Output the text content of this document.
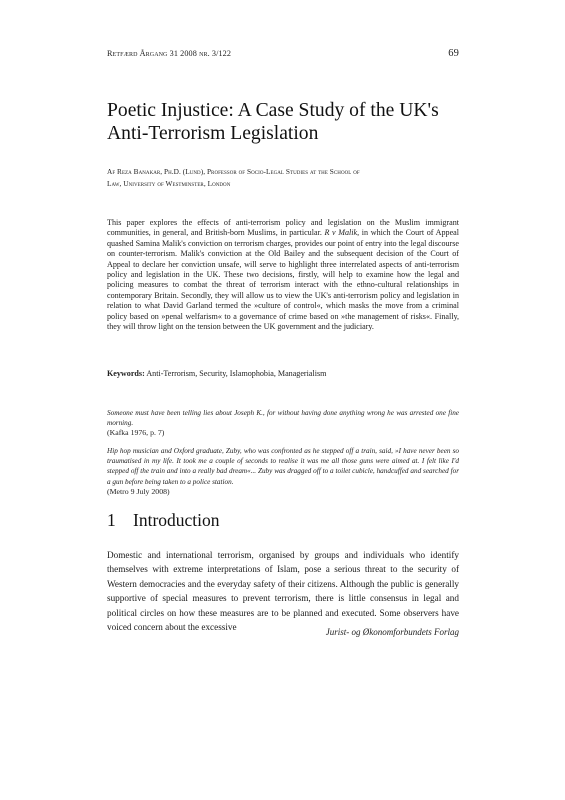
Retfærd Årgang 31 2008 nr. 3/122	69
Poetic Injustice: A Case Study of the UK's
Anti-Terrorism Legislation
Af Reza Banakar, Ph.D. (Lund), Professor of Socio-Legal Studies at the School of
Law, University of Westminster, London

This paper explores the effects of anti-terrorism policy and legislation on the Muslim immigrant communities, in general, and British-born Muslims, in particular. R v Malik, in which the Court of Appeal quashed Samina Malik's conviction on terrorism charges, provides our point of entry into the legal discourse on counter-terrorism. Malik's conviction at the Old Bailey and the subsequent decision of the Court of Appeal to declare her conviction unsafe, will serve to highlight three interrelated aspects of anti-terrorism policy and legislation in the UK. These two decisions, firstly, will help to examine how the legal and policing measures to combat the threat of terrorism interact with the ethno-cultural relationships in contemporary Britain. Secondly, they will allow us to view the UK's anti-terrorism policy and legislation in relation to what David Garland termed the »culture of control«, which masks the move from a criminal policy based on »penal welfarism« to a governance of crime based on »the management of risks«. Finally, they will throw light on the tension between the UK government and the judiciary.

Keywords: Anti-Terrorism, Security, Islamophobia, Managerialism
Someone must have been telling lies about Joseph K., for without having done anything wrong he was arrested one fine morning.
(Kafka 1976, p. 7)
Hip hop musician and Oxford graduate, Zuby, who was confronted as he stepped off a train, said, »I have never been so traumatised in my life. It took me a couple of seconds to realise it was me all those guns were aimed at. I felt like I'd stepped off the train and into a really bad dream«... Zuby was dragged off to a toilet cubicle, handcuffed and searched for a gun before being taken to a police station.
(Metro 9 July 2008)
1 Introduction

Domestic and international terrorism, organised by groups and individuals who identify themselves with extreme interpretations of Islam, pose a serious threat to the security of Western democracies and the everyday safety of their citizens. Although the public is generally supportive of special measures to prevent terrorism, there is little consensus in legal and political circles on how these measures are to be planned and executed. Some observers have voiced concern about the excessive	Jurist- og Økonomforbundets Forlag
